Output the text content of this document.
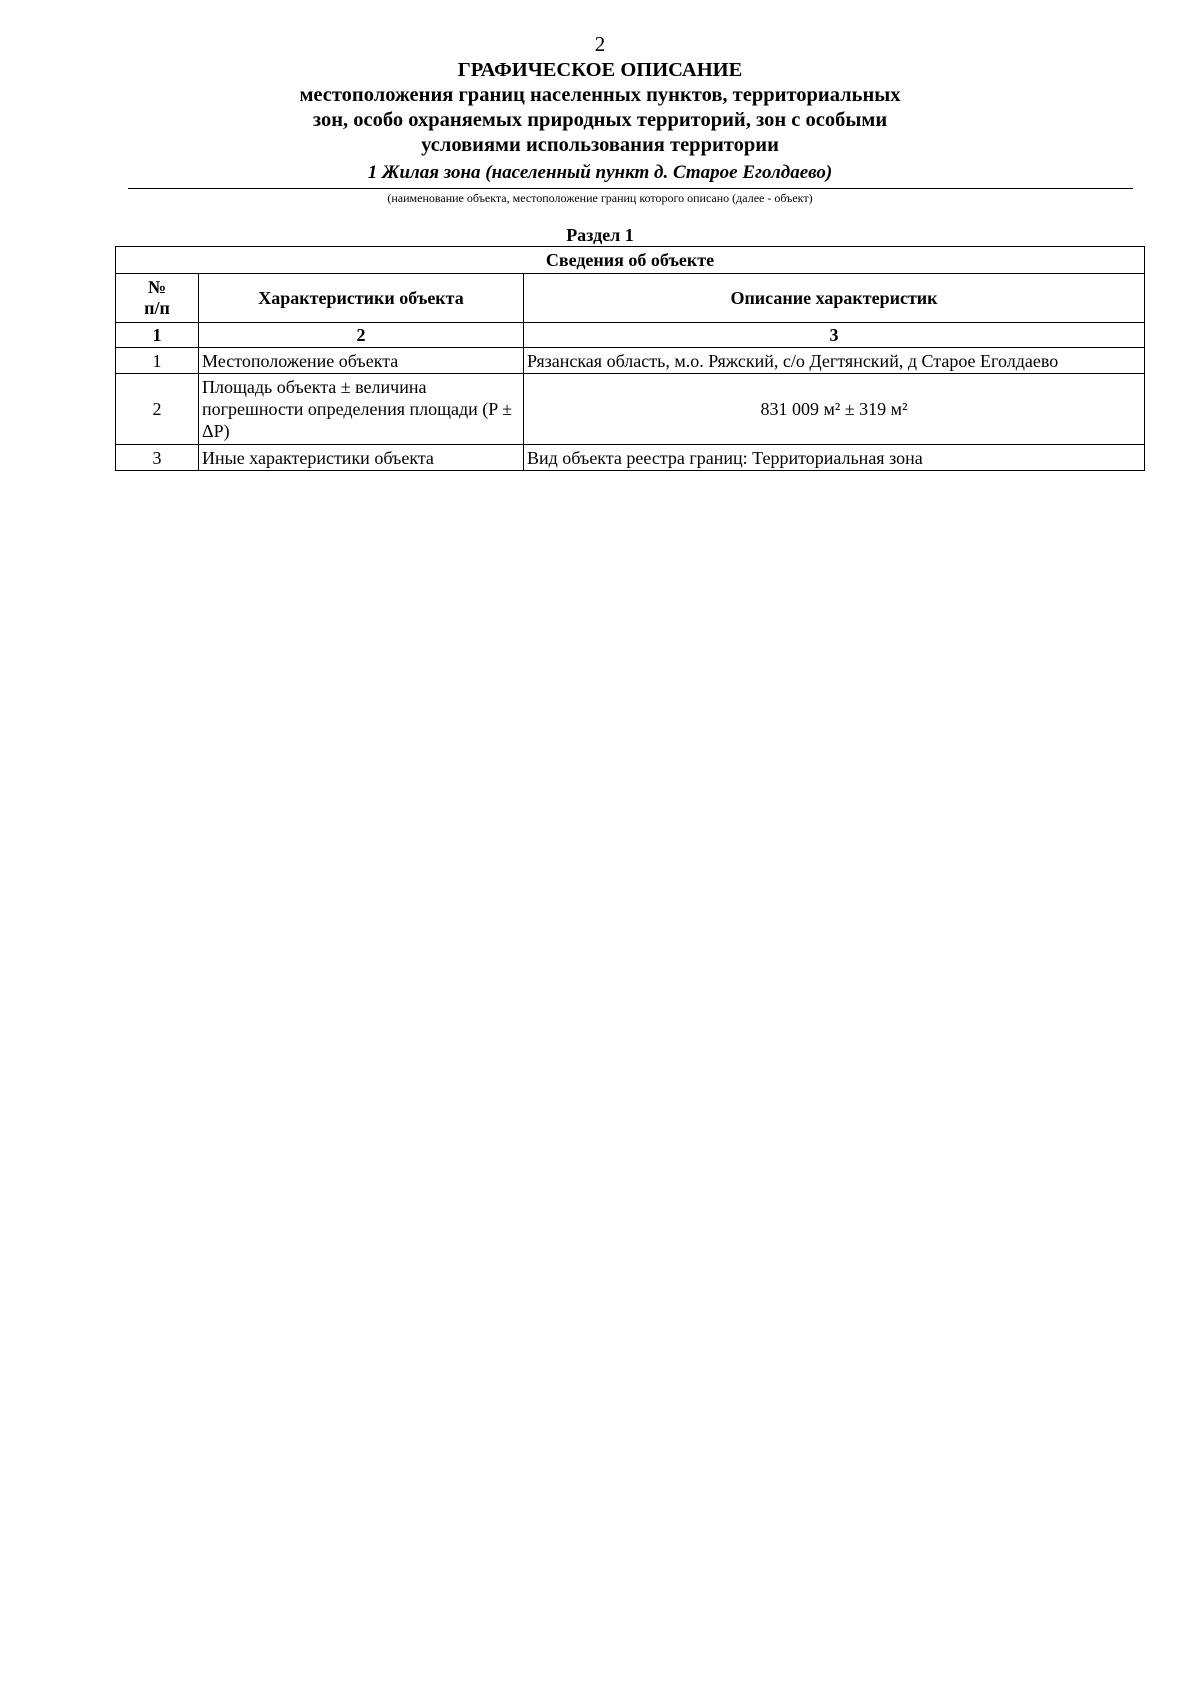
2
ГРАФИЧЕСКОЕ ОПИСАНИЕ
местоположения границ населенных пунктов, территориальных
зон, особо охраняемых природных территорий, зон с особыми
условиями использования территории
1 Жилая зона (населенный пункт д. Старое Еголдаево)
(наименование объекта, местоположение границ которого описано (далее - объект)
Раздел 1
Сведения об объекте		
№
п/п	Характеристики объекта	Описание характеристик
1	2	3
1	Местоположение объекта	Рязанская область, м.о. Ряжский, с/о Дегтянский, д Старое Еголдаево
2	Площадь объекта ± величина погрешности определения площади (P ± ΔP)	831 009 м² ± 319 м²
3	Иные характеристики объекта	Вид объекта реестра границ: Территориальная зона
